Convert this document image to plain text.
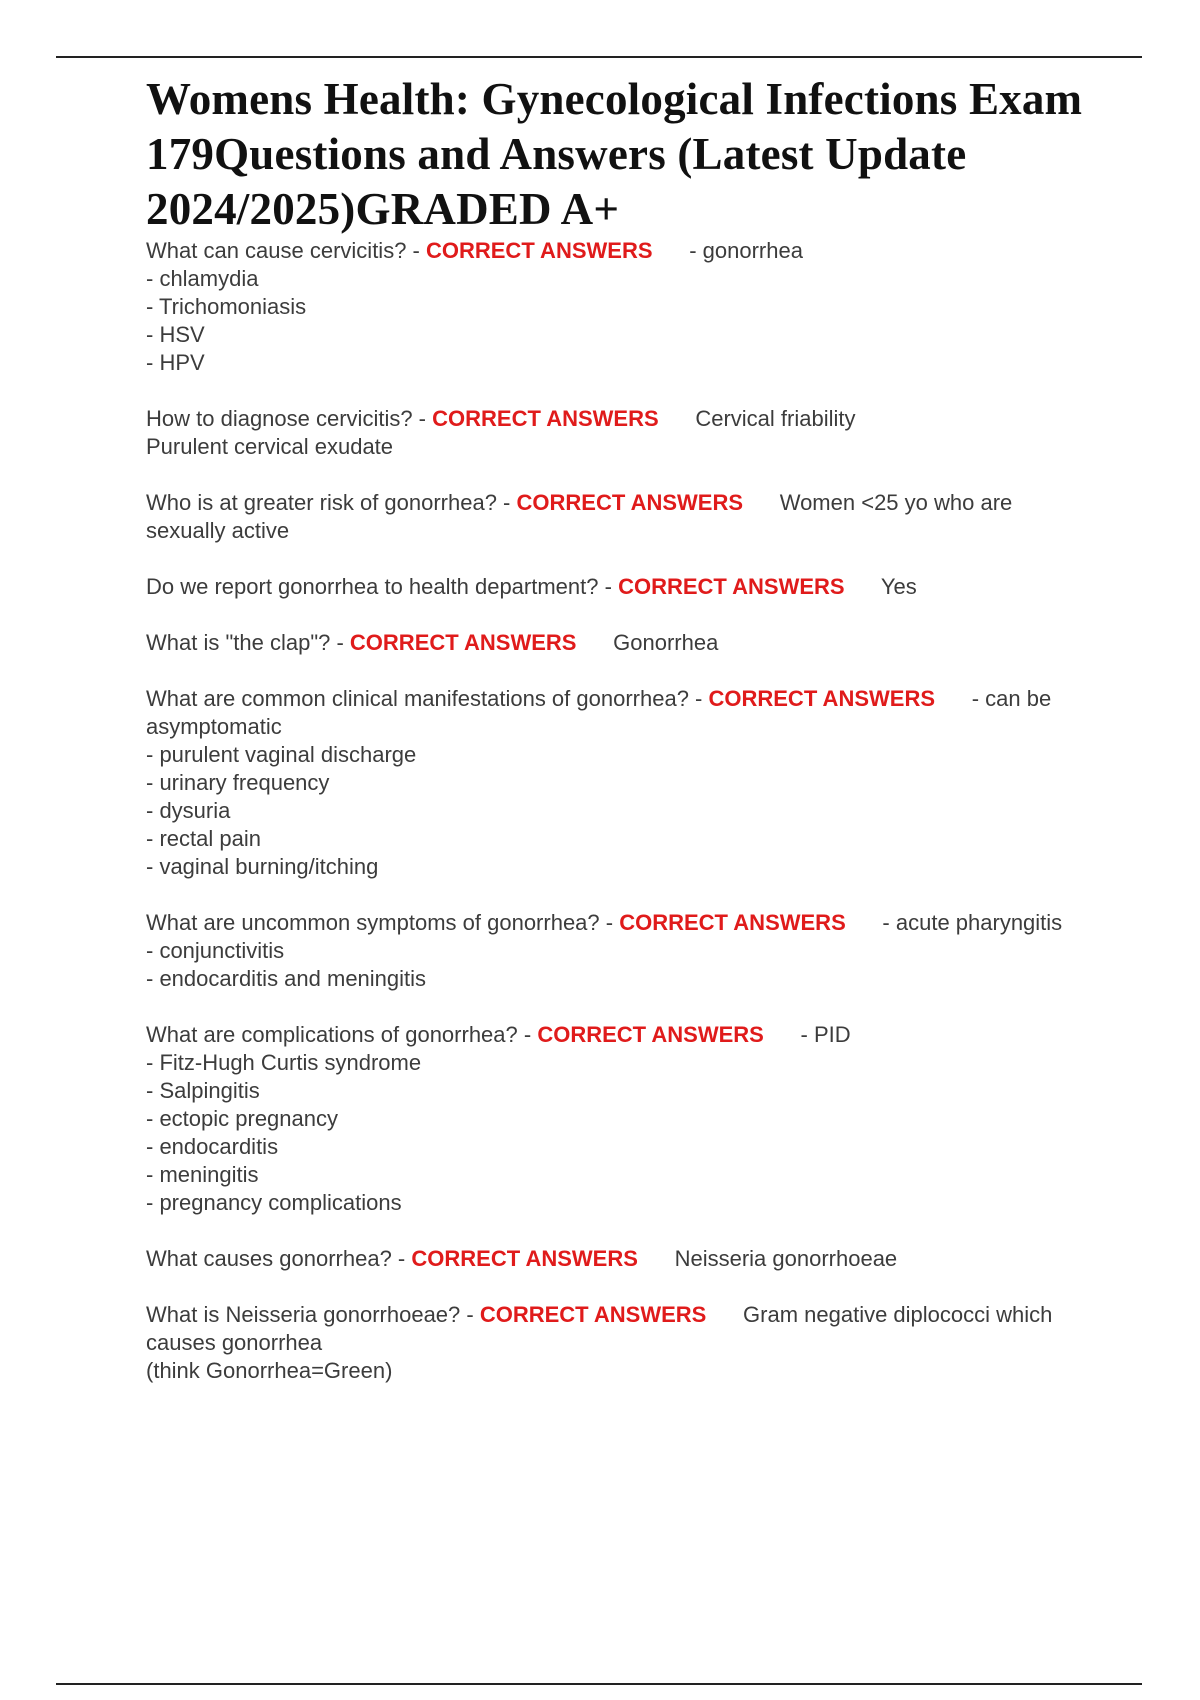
Womens Health: Gynecological Infections Exam 179Questions and Answers (Latest Update 2024/2025)GRADED A+
What can cause cervicitis? - CORRECT ANSWERS      - gonorrhea
- chlamydia
- Trichomoniasis
- HSV
- HPV
How to diagnose cervicitis? - CORRECT ANSWERS      Cervical friability
Purulent cervical exudate
Who is at greater risk of gonorrhea? - CORRECT ANSWERS      Women <25 yo who are sexually active
Do we report gonorrhea to health department? - CORRECT ANSWERS      Yes
What is "the clap"? - CORRECT ANSWERS      Gonorrhea
What are common clinical manifestations of gonorrhea? - CORRECT ANSWERS      - can be asymptomatic
- purulent vaginal discharge
- urinary frequency
- dysuria
- rectal pain
- vaginal burning/itching
What are uncommon symptoms of gonorrhea? - CORRECT ANSWERS      - acute pharyngitis
- conjunctivitis
- endocarditis and meningitis
What are complications of gonorrhea? - CORRECT ANSWERS      - PID
- Fitz-Hugh Curtis syndrome
- Salpingitis
- ectopic pregnancy
- endocarditis
- meningitis
- pregnancy complications
What causes gonorrhea? - CORRECT ANSWERS      Neisseria gonorrhoeae
What is Neisseria gonorrhoeae? - CORRECT ANSWERS      Gram negative diplococci which causes gonorrhea
(think Gonorrhea=Green)
